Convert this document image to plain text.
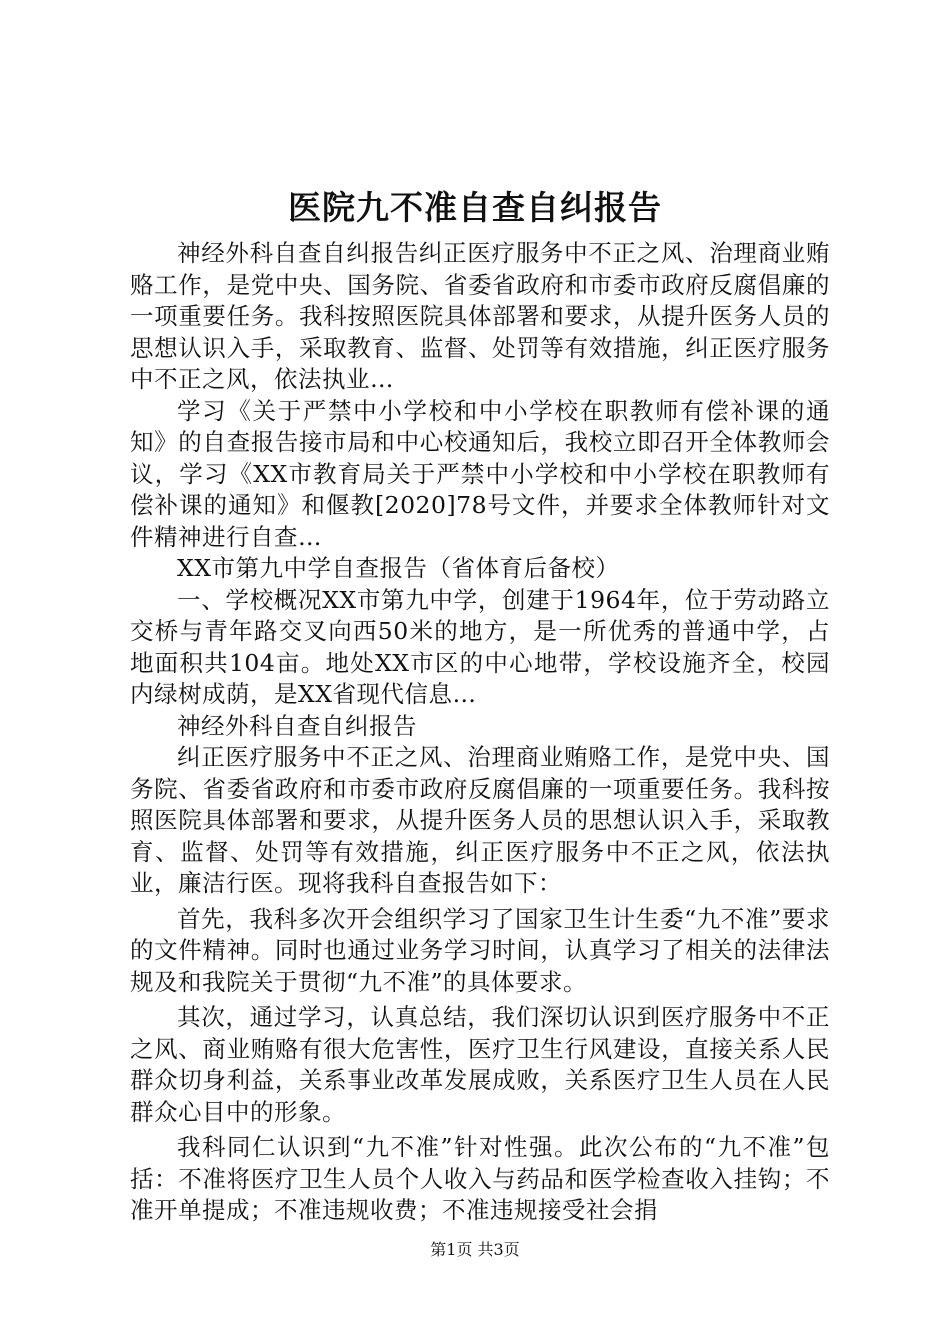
医院九不准自查自纠报告

神经外科自查自纠报告纠正医疗服务中不正之风、治理商业贿赂工作，是党中央、国务院、省委省政府和市委市政府反腐倡廉的一项重要任务。我科按照医院具体部署和要求，从提升医务人员的思想认识入手，采取教育、监督、处罚等有效措施，纠正医疗服务中不正之风，依法执业…

学习《关于严禁中小学校和中小学校在职教师有偿补课的通知》的自查报告接市局和中心校通知后，我校立即召开全体教师会议，学习《XX市教育局关于严禁中小学校和中小学校在职教师有偿补课的通知》和偃教[2020]78号文件，并要求全体教师针对文件精神进行自查…

XX市第九中学自查报告（省体育后备校）

一、学校概况XX市第九中学，创建于1964年，位于劳动路立交桥与青年路交叉向西50米的地方，是一所优秀的普通中学，占地面积共104亩。地处XX市区的中心地带，学校设施齐全，校园内绿树成荫，是XX省现代信息…

神经外科自查自纠报告

纠正医疗服务中不正之风、治理商业贿赂工作，是党中央、国务院、省委省政府和市委市政府反腐倡廉的一项重要任务。我科按照医院具体部署和要求，从提升医务人员的思想认识入手，采取教育、监督、处罚等有效措施，纠正医疗服务中不正之风，依法执业，廉洁行医。现将我科自查报告如下：

首先，我科多次开会组织学习了国家卫生计生委“九不准”要求的文件精神。同时也通过业务学习时间，认真学习了相关的法律法规及和我院关于贯彻“九不准”的具体要求。

其次，通过学习，认真总结，我们深切认识到医疗服务中不正之风、商业贿赂有很大危害性，医疗卫生行风建设，直接关系人民群众切身利益，关系事业改革发展成败，关系医疗卫生人员在人民群众心目中的形象。

我科同仁认识到“九不准”针对性强。此次公布的“九不准”包括：不准将医疗卫生人员个人收入与药品和医学检查收入挂钩；不准开单提成；不准违规收费；不准违规接受社会捐

第1页 共3页
